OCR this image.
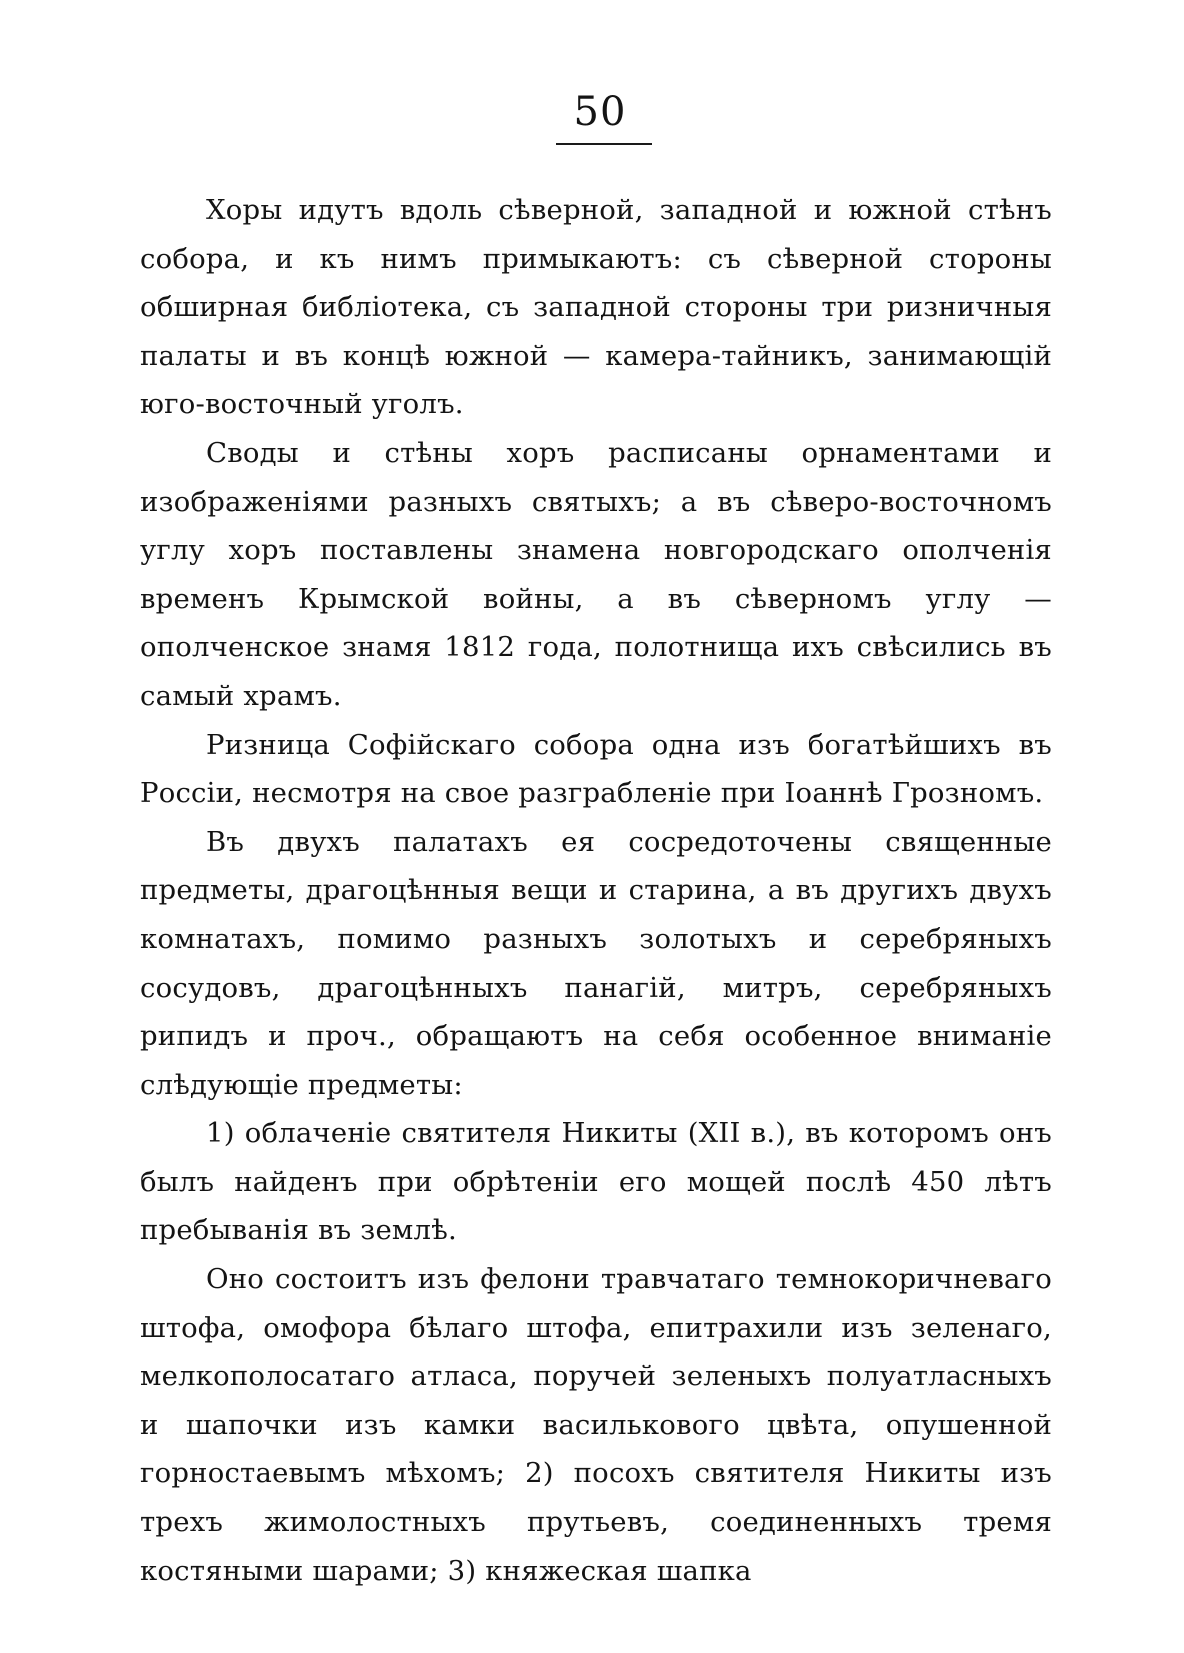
50

Хоры идутъ вдоль сѣверной, западной и южной стѣнъ собора, и къ нимъ примыкаютъ: съ сѣверной стороны обширная библіотека, съ западной стороны три ризничныя палаты и въ концѣ южной — камера-тайникъ, занимающій юго-восточный уголъ.

Своды и стѣны хоръ расписаны орнаментами и изображеніями разныхъ святыхъ; а въ сѣверо-восточномъ углу хоръ поставлены знамена новгородскаго ополченія временъ Крымской войны, а въ сѣверномъ углу — ополченское знамя 1812 года, полотнища ихъ свѣсились въ самый храмъ.

Ризница Софійскаго собора одна изъ богатѣйшихъ въ Россіи, несмотря на свое разграбленіе при Іоаннѣ Грозномъ.

Въ двухъ палатахъ ея сосредоточены священные предметы, драгоцѣнныя вещи и старина, а въ другихъ двухъ комнатахъ, помимо разныхъ золотыхъ и серебряныхъ сосудовъ, драгоцѣнныхъ панагій, митръ, серебряныхъ рипидъ и проч., обращаютъ на себя особенное вниманіе слѣдующіе предметы:

1) облаченіе святителя Никиты (XII в.), въ которомъ онъ былъ найденъ при обрѣтеніи его мощей послѣ 450 лѣтъ пребыванія въ землѣ.

Оно состоитъ изъ фелони травчатаго темнокоричневаго штофа, омофора бѣлаго штофа, епитрахили изъ зеленаго, мелкополосатаго атласа, поручей зеленыхъ полуатласныхъ и шапочки изъ камки василькового цвѣта, опушенной горностаевымъ мѣхомъ; 2) посохъ святителя Никиты изъ трехъ жимолостныхъ прутьевъ, соединенныхъ тремя костяными шарами; 3) княжеская шапка
